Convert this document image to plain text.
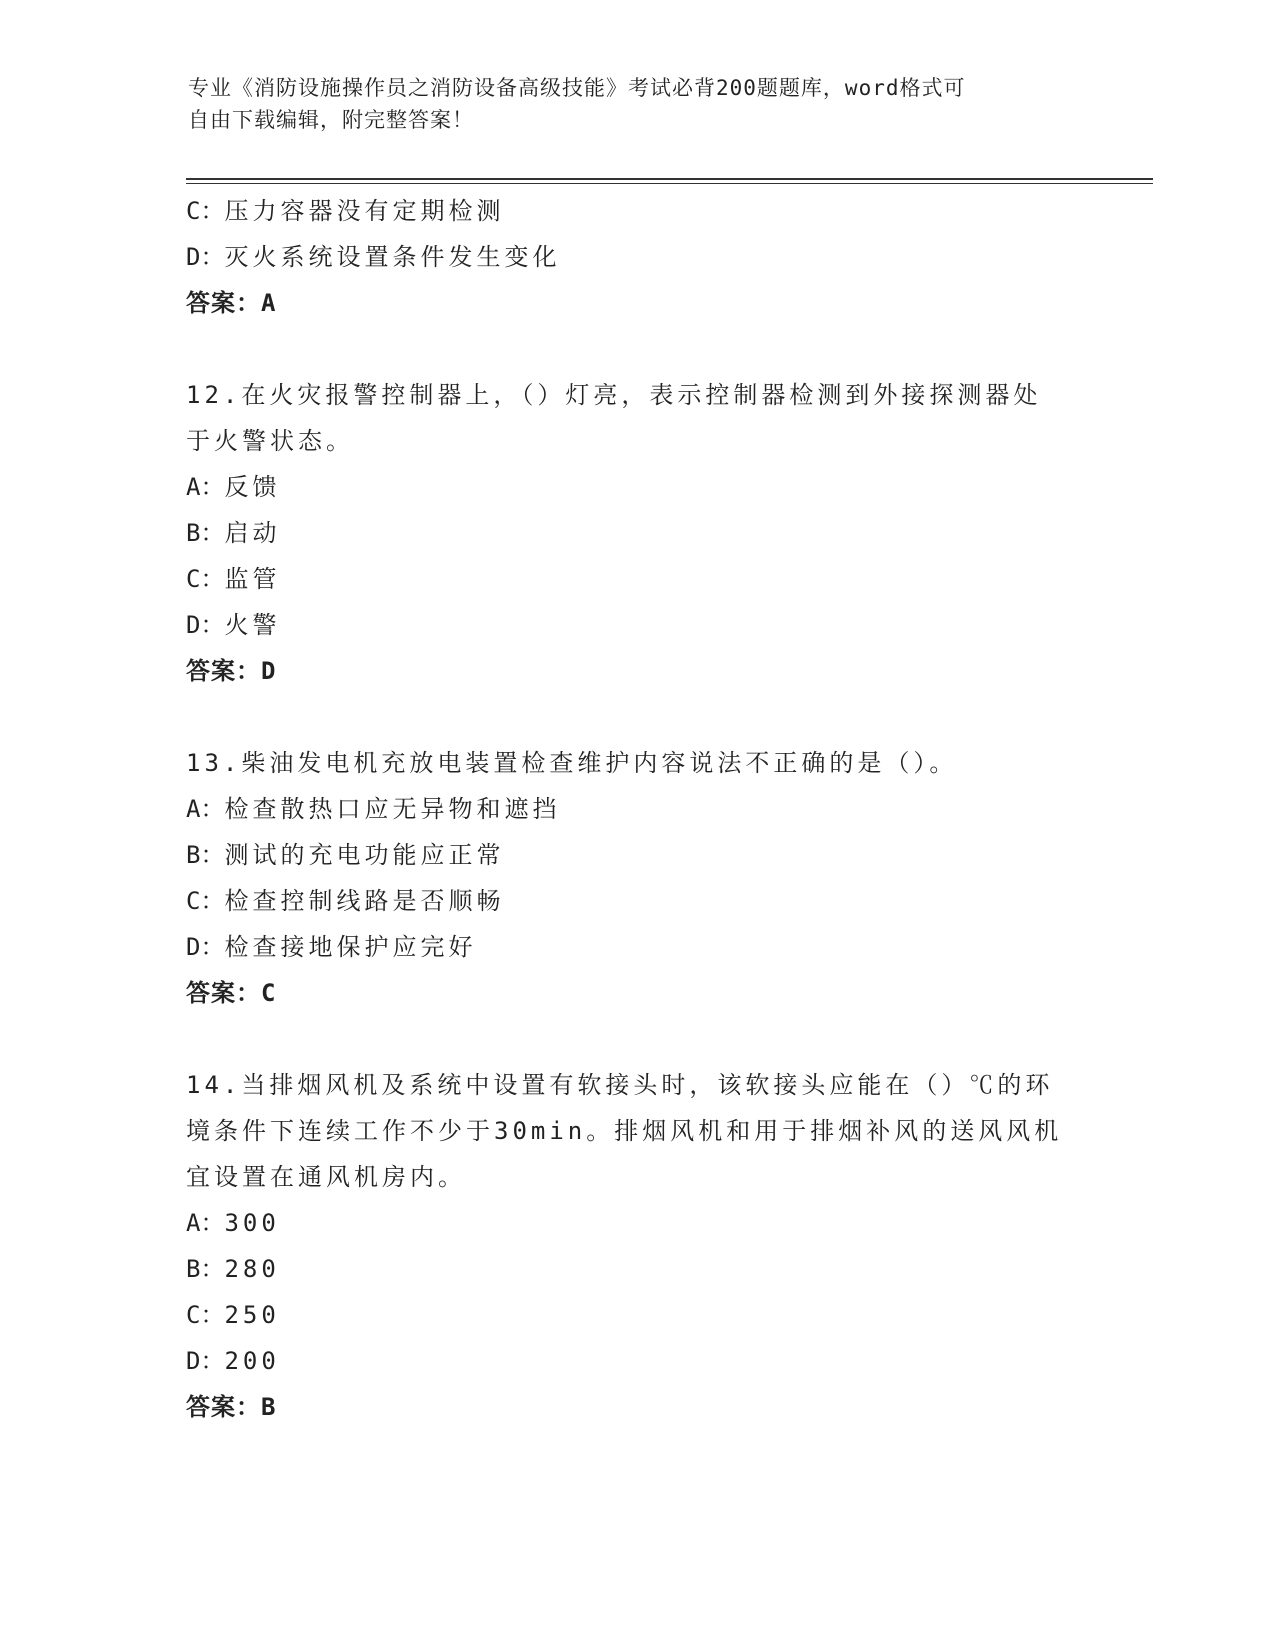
专业《消防设施操作员之消防设备高级技能》考试必背200题题库，word格式可
自由下载编辑，附完整答案！
C：压力容器没有定期检测
D：灭火系统设置条件发生变化
答案：A
12.在火灾报警控制器上，（）灯亮，表示控制器检测到外接探测器处
于火警状态。
A：反馈
B：启动
C：监管
D：火警
答案：D
13.柴油发电机充放电装置检查维护内容说法不正确的是（）。
A：检查散热口应无异物和遮挡
B：测试的充电功能应正常
C：检查控制线路是否顺畅
D：检查接地保护应完好
答案：C
14.当排烟风机及系统中设置有软接头时，该软接头应能在（）℃的环
境条件下连续工作不少于30min。排烟风机和用于排烟补风的送风风机
宜设置在通风机房内。
A：300
B：280
C：250
D：200
答案：B
